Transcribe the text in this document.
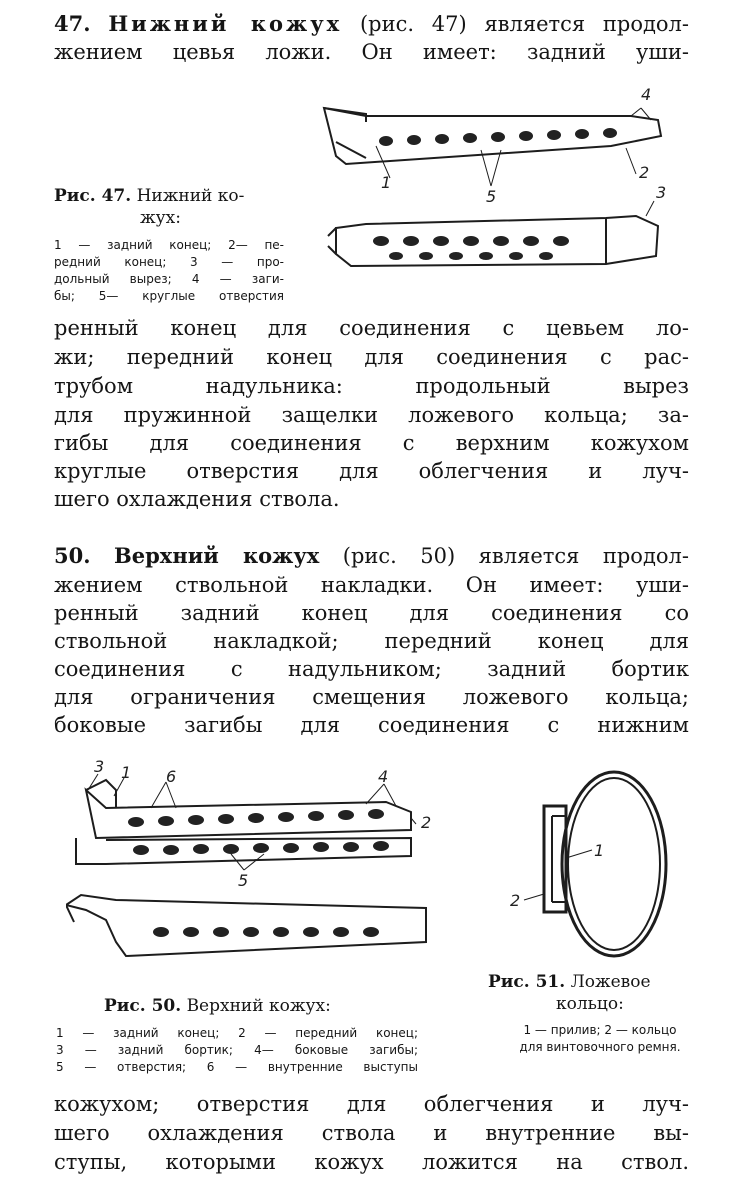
47. Нижний кожух (рис. 47) является продол-
жением цевья ложи. Он имеет: задний уши-
1
2
3
4
5
Рис. 47. Нижний ко-
жух:
1 — задний конец; 2— пе-
редний конец; 3 — про-
дольный вырез; 4 — заги-
бы; 5— круглые отверстия
ренный конец для соединения с цевьем ло-
жи; передний конец для соединения с рас-
трубом надульника: продольный вырез
для пружинной защелки ложевого кольца; за-
гибы для соединения с верхним кожухом
круглые отверстия для облегчения и луч-
шего охлаждения ствола.
50. Верхний кожух (рис. 50) является продол-
жением ствольной накладки. Он имеет: уши-
ренный задний конец для соединения со
ствольной накладкой; передний конец для
соединения с надульником; задний бортик
для ограничения смещения ложевого кольца;
боковые загибы для соединения с нижним
3 1 6	4
2
5
1
2
Рис. 50. Верхний кожух:
1 — задний конец; 2 — передний конец;
3 — задний бортик; 4— боковые загибы;
5 — отверстия; 6 — внутренние выступы
Рис. 51. Ложевое
кольцо:
1 — прилив; 2 — кольцо
для винтовочного ремня.
кожухом; отверстия для облегчения и луч-
шего охлаждения ствола и внутренние вы-
ступы, которыми кожух ложится на ствол.
